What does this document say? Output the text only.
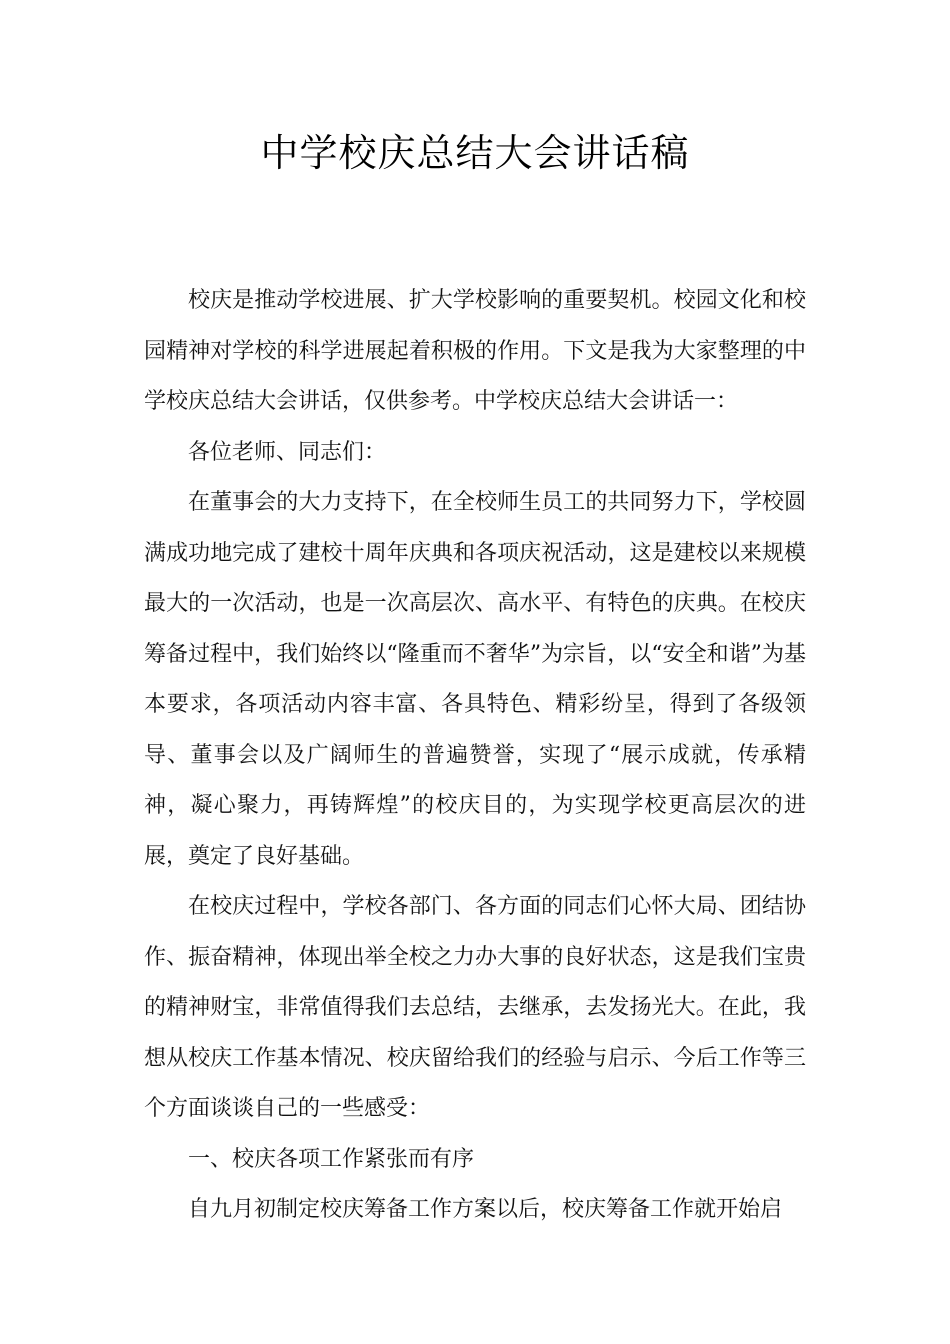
中学校庆总结大会讲话稿

校庆是推动学校进展、扩大学校影响的重要契机。校园文化和校园精神对学校的科学进展起着积极的作用。下文是我为大家整理的中学校庆总结大会讲话，仅供参考。中学校庆总结大会讲话一：

各位老师、同志们：

在董事会的大力支持下，在全校师生员工的共同努力下，学校圆满成功地完成了建校十周年庆典和各项庆祝活动，这是建校以来规模最大的一次活动，也是一次高层次、高水平、有特色的庆典。在校庆筹备过程中，我们始终以“隆重而不奢华”为宗旨，以“安全和谐”为基本要求，各项活动内容丰富、各具特色、精彩纷呈，得到了各级领导、董事会以及广阔师生的普遍赞誉，实现了“展示成就，传承精神，凝心聚力，再铸辉煌”的校庆目的，为实现学校更高层次的进展，奠定了良好基础。

在校庆过程中，学校各部门、各方面的同志们心怀大局、团结协作、振奋精神，体现出举全校之力办大事的良好状态，这是我们宝贵的精神财宝，非常值得我们去总结，去继承，去发扬光大。在此，我想从校庆工作基本情况、校庆留给我们的经验与启示、今后工作等三个方面谈谈自己的一些感受：

一、校庆各项工作紧张而有序

自九月初制定校庆筹备工作方案以后，校庆筹备工作就开始启
